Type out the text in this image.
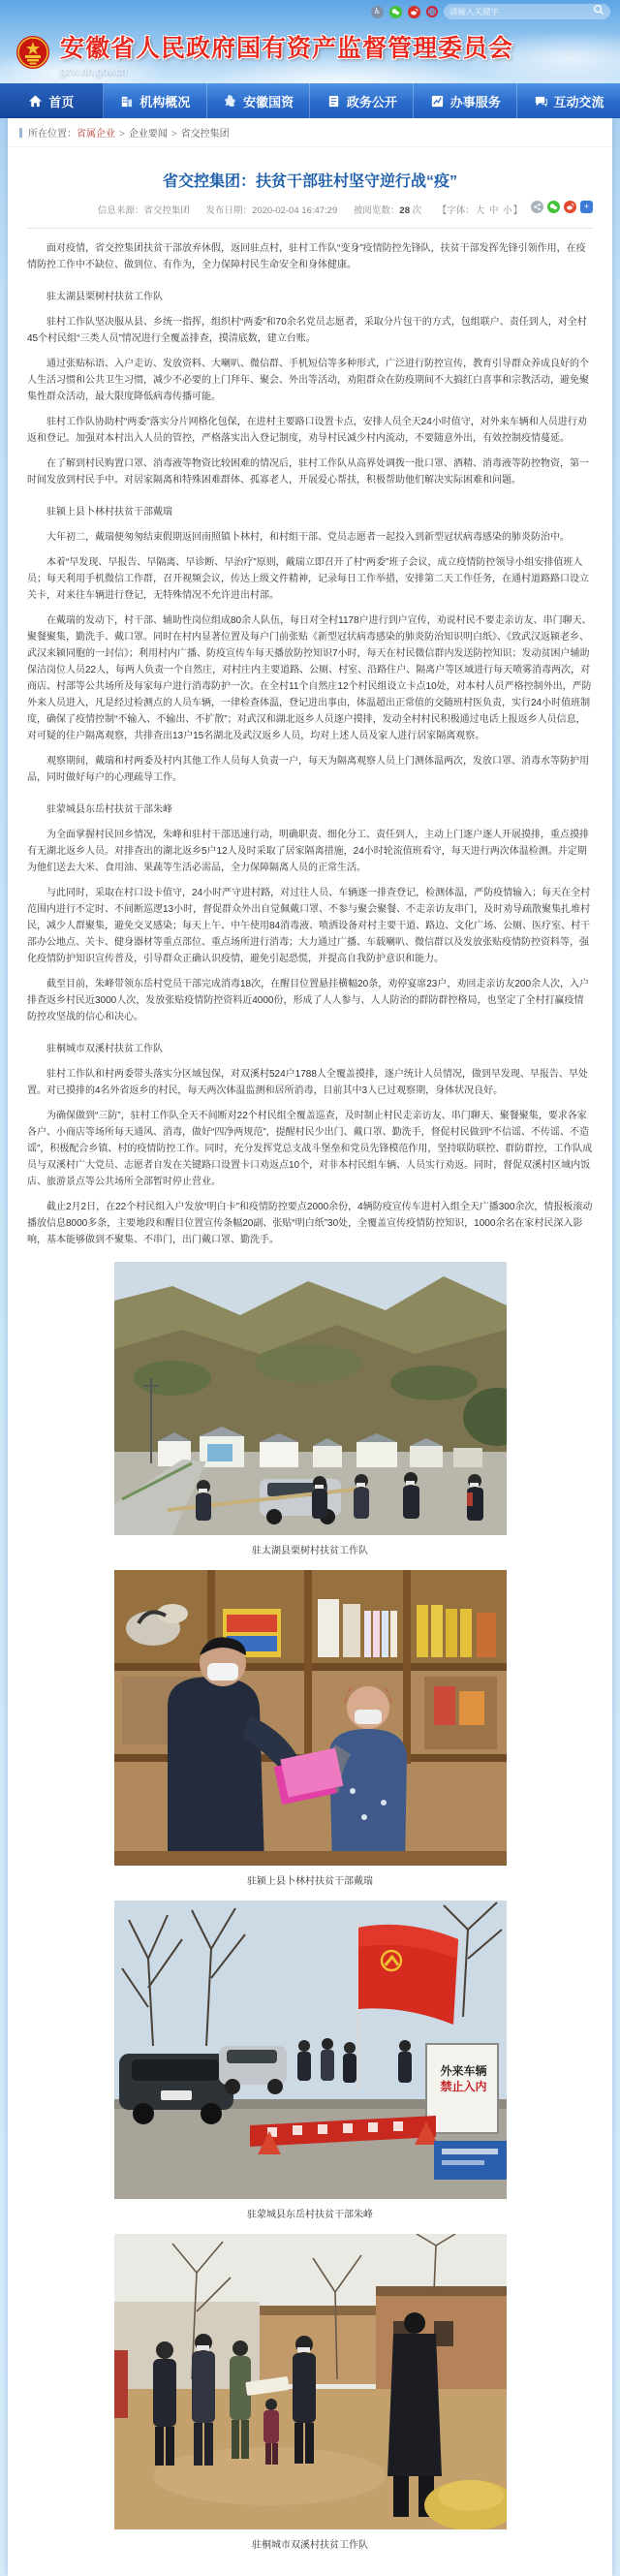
♿	国
请输入关键字
安徽省人民政府国有资产监督管理委员会
gzw.ah.gov.cn
首页	机构概况	安徽国资	政务公开	办事服务	互动交流
所在位置：省属企业 > 企业要闻 > 省交控集团
省交控集团：扶贫干部驻村坚守逆行战“疫”
信息来源：省交控集团 发布日期：2020-02-04 16:47:29 被阅览数：28 次 【字体：大 中 小】	+

面对疫情，省交控集团扶贫干部放弃休假，返回驻点村，驻村工作队“变身”疫情防控先锋队，扶贫干部发挥先锋引领作用，在疫情防控工作中不缺位、做到位、有作为，全力保障村民生命安全和身体健康。

驻太湖县栗树村扶贫工作队

驻村工作队坚决服从县、乡统一指挥，组织村“两委”和70余名党员志愿者，采取分片包干的方式，包组联户、责任到人，对全村45个村民组“三类人员”情况进行全覆盖排查，摸清底数，建立台账。

通过张贴标语、入户走访、发放资料、大喇叭、微信群、手机短信等多种形式，广泛进行防控宣传，教育引导群众养成良好的个人生活习惯和公共卫生习惯，减少不必要的上门拜年、聚会、外出等活动，劝阻群众在防疫期间不大搞红白喜事和宗教活动，避免聚集性群众活动，最大限度降低病毒传播可能。

驻村工作队协助村“两委”落实分片网格化包保，在进村主要路口设置卡点，安排人员全天24小时值守，对外来车辆和人员进行劝返和登记。加强对本村出入人员的管控，严格落实出入登记制度，劝导村民减少村内流动，不要随意外出，有效控制疫情蔓延。

在了解到村民购置口罩、消毒液等物资比较困难的情况后，驻村工作队从高界处调拨一批口罩、酒精、消毒液等防控物资，第一时间发放到村民手中。对居家隔离和特殊困难群体、孤寡老人，开展爱心帮扶，积极帮助他们解决实际困难和问题。

驻颍上县卜林村扶贫干部戴瑞

大年初二，戴瑞便匆匆结束假期返回南照镇卜林村，和村组干部、党员志愿者一起投入到新型冠状病毒感染的肺炎防治中。

本着“早发现、早报告、早隔离、早诊断、早治疗”原则，戴瑞立即召开了村“两委”班子会议，成立疫情防控领导小组安排值班人员；每天利用手机微信工作群，召开视频会议，传达上级文件精神，记录每日工作举措，安排第二天工作任务，在通村道路路口设立关卡，对来往车辆进行登记，无特殊情况不允许进出村部。

在戴瑞的发动下，村干部、辅助性岗位组成80余人队伍，每日对全村1178户进行到户宣传，劝说村民不要走亲访友、串门聊天、聚餐聚集，勤洗手、戴口罩。同时在村内显著位置及每户门前张贴《新型冠状病毒感染的肺炎防治知识明白纸》、《致武汉返颍老乡、武汉来颍同胞的一封信》；利用村内广播、防疫宣传车每天播放防控知识7小时，每天在村民微信群内发送防控知识；发动贫困户辅助保洁岗位人员22人，每两人负责一个自然庄，对村庄内主要道路、公厕、村室、沿路住户、隔离户等区域进行每天喷雾消毒两次，对商店、村部等公共场所及每家每户进行消毒防护一次。在全村11个自然庄12个村民组设立卡点10处，对本村人员严格控制外出，严防外来人员进入，凡是经过检测点的人员车辆，一律检查体温，登记进出事由，体温超出正常值的交随班村医负责，实行24小时值班制度，确保了疫情控制“不输入、不输出、不扩散”；对武汉和湖北返乡人员逐户摸排，发动全村村民积极通过电话上报返乡人员信息，对可疑的住户隔离观察，共排查出13户15名湖北及武汉返乡人员，均对上述人员及家人进行居家隔离观察。

观察期间，戴瑞和村两委及村内其他工作人员每人负责一户，每天为隔离观察人员上门测体温两次，发放口罩、消毒水等防护用品，同时做好每户的心理疏导工作。

驻蒙城县东岳村扶贫干部朱峰

为全面掌握村民回乡情况，朱峰和驻村干部迅速行动，明确职责、细化分工、责任到人，主动上门逐户逐人开展摸排，重点摸排有无湖北返乡人员。对排查出的湖北返乡5户12人及时采取了居家隔离措施，24小时轮流值班看守，每天进行两次体温检测。并定期为他们送去大米、食用油、果蔬等生活必需品，全力保障隔离人员的正常生活。

与此同时，采取在村口设卡值守，24小时严守进村路，对过往人员、车辆逐一排查登记，检测体温，严防疫情输入；每天在全村范围内进行不定时、不间断巡逻13小时，督促群众外出自觉佩戴口罩、不参与聚会聚餐、不走亲访友串门，及时劝导疏散聚集扎堆村民，减少人群聚集，避免交叉感染；每天上午、中午使用84消毒液、喷洒设备对村主要干道、路边、文化广场、公厕、医疗室、村干部办公地点、关卡、健身器材等重点部位、重点场所进行消毒；大力通过广播、车载喇叭、微信群以及发放张贴疫情防控资料等，强化疫情防护知识宣传普及，引导群众正确认识疫情，避免引起恐慌，并提高自我防护意识和能力。

截至目前，朱峰带领东岳村党员干部完成消毒18次，在醒目位置悬挂横幅20条，劝停宴席23户，劝回走亲访友200余人次，入户排查返乡村民近3000人次，发放张贴疫情防控资料近4000份，形成了人人参与、人人防治的群防群控格局，也坚定了全村打赢疫情防控攻坚战的信心和决心。

驻桐城市双溪村扶贫工作队

驻村工作队和村两委带头落实分区域包保，对双溪村524户1788人全覆盖摸排，逐户统计人员情况，做到早发现、早报告、早处置。对已摸排的4名外省返乡的村民，每天两次体温监测和居所消毒，目前其中3人已过观察期，身体状况良好。

为确保做到“三防”，驻村工作队全天不间断对22个村民组全覆盖巡查，及时制止村民走亲访友、串门聊天、聚餐聚集，要求各家各户、小商店等场所每天通风、消毒，做好“四净两规范”，提醒村民少出门、戴口罩、勤洗手，督促村民做到“不信谣、不传谣、不造谣”，积极配合乡镇、村的疫情防控工作。同时，充分发挥党总支战斗堡垒和党员先锋模范作用，坚持联防联控、群防群控，工作队成员与双溪村广大党员、志愿者自发在关键路口设置卡口劝返点10个，对非本村民组车辆、人员实行劝返。同时，督促双溪村区域内饭店、旅游景点等公共场所全部暂时停止营业。

截止2月2日，在22个村民组入户发放“明白卡”和疫情防控要点2000余份，4辆防疫宣传车进村入组全天广播300余次，情报板滚动播放信息8000多条，主要地段和醒目位置宣传条幅20副、张贴“明白纸”30处，全覆盖宣传疫情防控知识，1000余名在家村民深入影响，基本能够做到不聚集、不串门，出门戴口罩、勤洗手。

驻太湖县栗树村扶贫工作队
驻颍上县卜林村扶贫干部戴瑞
外来车辆
禁止入内
驻蒙城县东岳村扶贫干部朱峰
驻桐城市双溪村扶贫工作队
